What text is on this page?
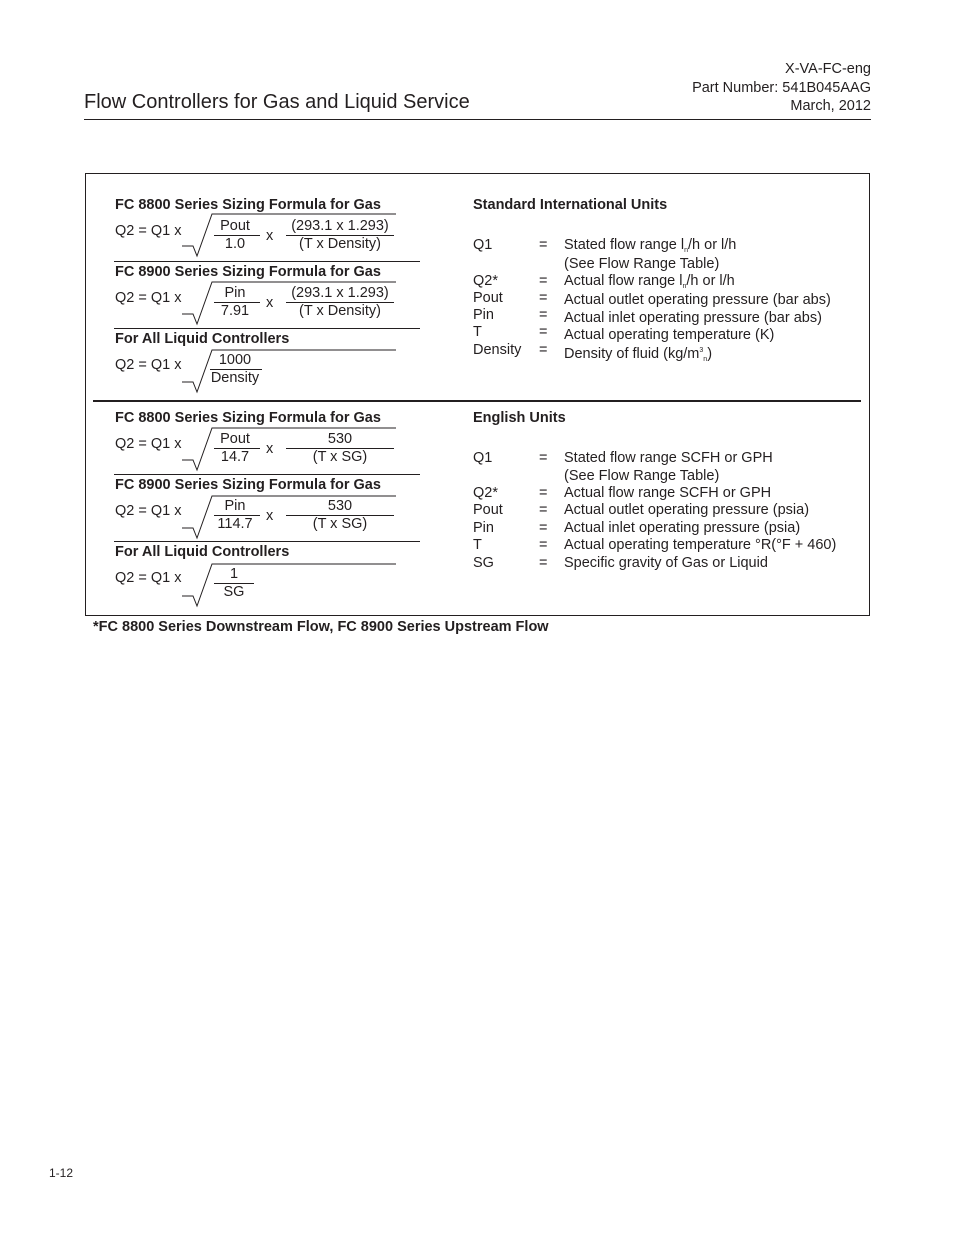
Flow Controllers for Gas and Liquid Service
X-VA-FC-eng
Part Number: 541B045AAG
March, 2012
FC 8800 Series Sizing Formula for Gas
Q2 = Q1 x	Pout
1.0	x
(293.1 x 1.293)
(T x Density)
FC 8900 Series Sizing Formula for Gas
Q2 = Q1 x	Pin
7.91	x
(293.1 x 1.293)
(T x Density)
For All Liquid Controllers
Q2 = Q1 x	1000
Density
Standard International Units
Q1	= Stated flow range $l_n/h$ or l/h
(See Flow Range Table)
Q2*	= Actual flow range $l_n/h$ or l/h
Pout = Actual outlet operating pressure (bar abs)
Pin	= Actual inlet operating pressure (bar abs)
T	= Actual operating temperature (K)
Density = Density of fluid $(kg/m^3_n)$
FC 8800 Series Sizing Formula for Gas
Q2 = Q1 x	Pout
14.7	x
530
(T x SG)
FC 8900 Series Sizing Formula for Gas
Q2 = Q1 x	Pin
114.7 x
530
(T x SG)
For All Liquid Controllers
Q2 = Q1 x	1
SG
English Units
Q1	= Stated flow range SCFH or GPH
(See Flow Range Table)
Q2*	= Actual flow range SCFH or GPH
Pout = Actual outlet operating pressure (psia)
Pin	= Actual inlet operating pressure (psia)
T	= Actual operating temperature °R(°F + 460)
SG	= Specific gravity of Gas or Liquid
*FC 8800 Series Downstream Flow, FC 8900 Series Upstream Flow
1-12
